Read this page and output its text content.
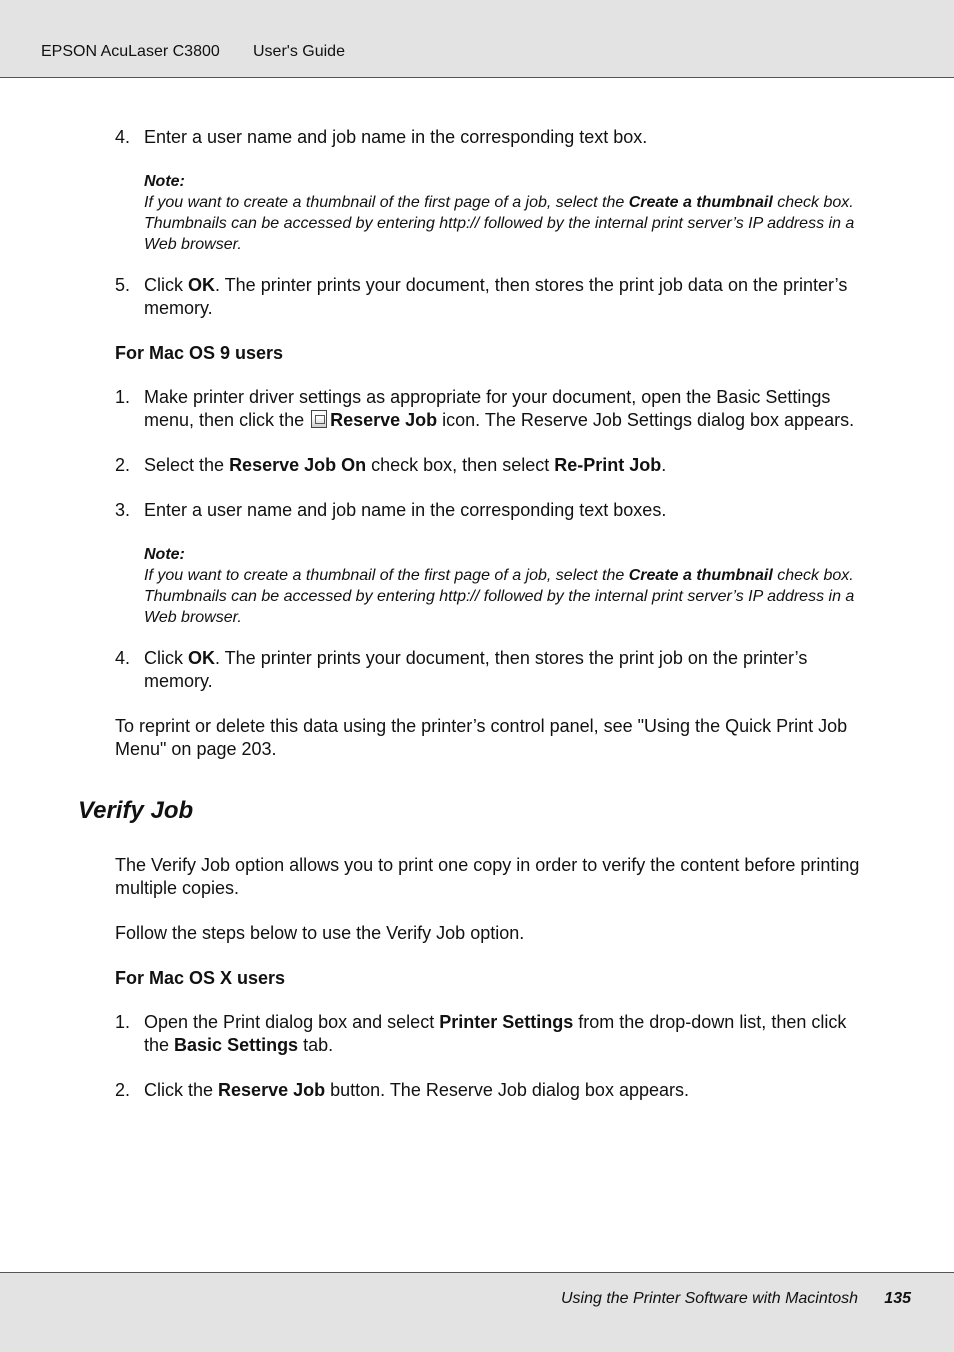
EPSON AcuLaser C3800 User's Guide
4. Enter a user name and job name in the corresponding text box.
Note:
If you want to create a thumbnail of the first page of a job, select the Create a thumbnail check box. Thumbnails can be accessed by entering http:// followed by the internal print server’s IP address in a Web browser.
5. Click OK. The printer prints your document, then stores the print job data on the printer’s memory.
For Mac OS 9 users
1. Make printer driver settings as appropriate for your document, open the Basic Settings menu, then click the Reserve Job icon. The Reserve Job Settings dialog box appears.
2. Select the Reserve Job On check box, then select Re-Print Job.
3. Enter a user name and job name in the corresponding text boxes.
Note:
If you want to create a thumbnail of the first page of a job, select the Create a thumbnail check box. Thumbnails can be accessed by entering http:// followed by the internal print server’s IP address in a Web browser.
4. Click OK. The printer prints your document, then stores the print job on the printer’s memory.
To reprint or delete this data using the printer’s control panel, see "Using the Quick Print Job Menu" on page 203.
Verify Job
The Verify Job option allows you to print one copy in order to verify the content before printing multiple copies.
Follow the steps below to use the Verify Job option.
For Mac OS X users
1. Open the Print dialog box and select Printer Settings from the drop-down list, then click the Basic Settings tab.
2. Click the Reserve Job button. The Reserve Job dialog box appears.
Using the Printer Software with Macintosh 135
